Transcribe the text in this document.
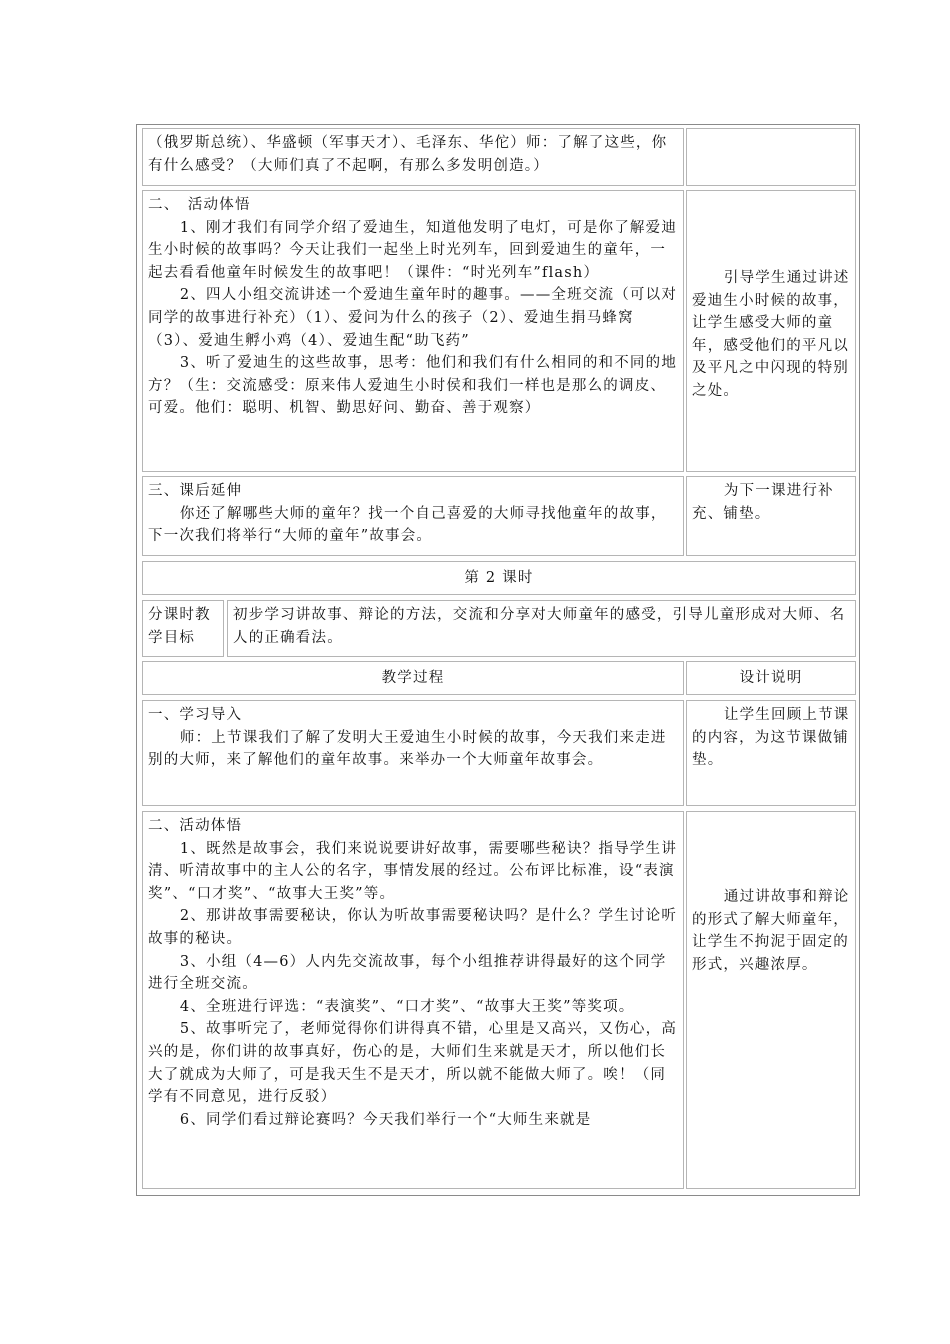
（俄罗斯总统）、华盛顿（军事天才）、毛泽东、华佗）师：了解了这些，你有什么感受？（大师们真了不起啊，有那么多发明创造。）

二、　活动体悟

1、刚才我们有同学介绍了爱迪生，知道他发明了电灯，可是你了解爱迪生小时候的故事吗？今天让我们一起坐上时光列车，回到爱迪生的童年，一起去看看他童年时候发生的故事吧！（课件：“时光列车”flash）

2、四人小组交流讲述一个爱迪生童年时的趣事。——全班交流（可以对同学的故事进行补充）（1）、爱问为什么的孩子（2）、爱迪生捐马蜂窝（3）、爱迪生孵小鸡（4）、爱迪生配“助飞药”

3、听了爱迪生的这些故事，思考：他们和我们有什么相同的和不同的地方？（生：交流感受：原来伟人爱迪生小时侯和我们一样也是那么的调皮、可爱。他们：聪明、机智、勤思好问、勤奋、善于观察）

引导学生通过讲述爱迪生小时候的故事，让学生感受大师的童年，感受他们的平凡以及平凡之中闪现的特别之处。

三、课后延伸

你还了解哪些大师的童年？找一个自己喜爱的大师寻找他童年的故事，下一次我们将举行“大师的童年”故事会。

为下一课进行补充、铺垫。

第 2 课时

分课时教学目标

初步学习讲故事、辩论的方法，交流和分享对大师童年的感受，引导儿童形成对大师、名人的正确看法。

教学过程	设计说明

一、学习导入

师：上节课我们了解了发明大王爱迪生小时候的故事，今天我们来走进别的大师，来了解他们的童年故事。来举办一个大师童年故事会。

让学生回顾上节课的内容，为这节课做铺垫。

二、活动体悟

1、既然是故事会，我们来说说要讲好故事，需要哪些秘诀？指导学生讲清、听清故事中的主人公的名字，事情发展的经过。公布评比标准，设“表演奖”、“口才奖”、“故事大王奖”等。

2、那讲故事需要秘诀，你认为听故事需要秘诀吗？是什么？学生讨论听故事的秘诀。

3、小组（4—6）人内先交流故事，每个小组推荐讲得最好的这个同学进行全班交流。

4、全班进行评选：“表演奖”、“口才奖”、“故事大王奖”等奖项。

5、故事听完了，老师觉得你们讲得真不错，心里是又高兴，又伤心，高兴的是，你们讲的故事真好，伤心的是，大师们生来就是天才，所以他们长大了就成为大师了，可是我天生不是天才，所以就不能做大师了。唉！（同学有不同意见，进行反驳）

6、同学们看过辩论赛吗？今天我们举行一个“大师生来就是

通过讲故事和辩论的形式了解大师童年，让学生不拘泥于固定的形式，兴趣浓厚。
